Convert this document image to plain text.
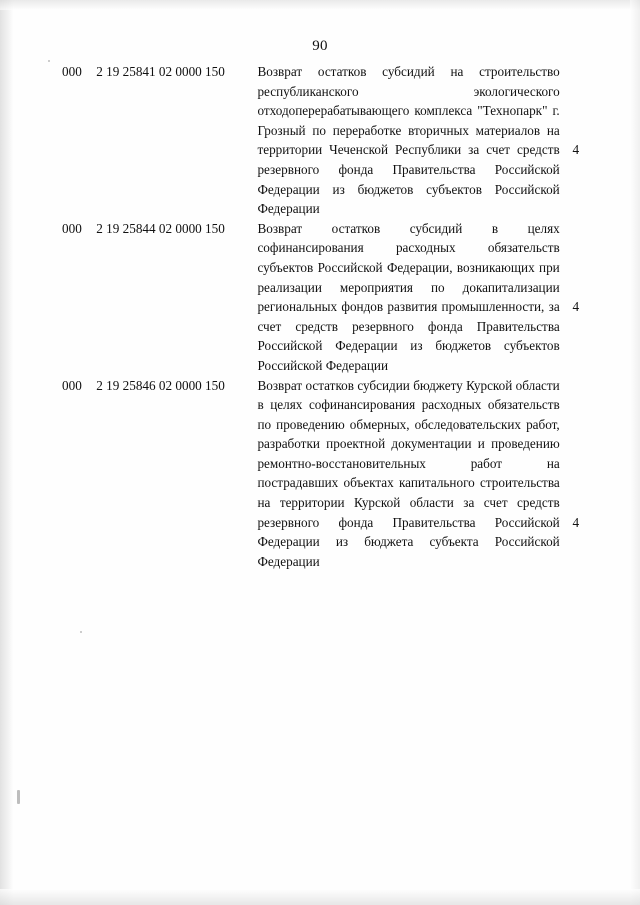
90
000	2 19 25841 02 0000 150	Возврат остатков субсидий на строительство республиканского экологического отходоперерабатывающего комплекса "Технопарк" г. Грозный по переработке вторичных материалов на территории Чеченской Республики за счет средств резервного фонда Правительства Российской Федерации из бюджетов субъектов Российской Федерации	4

000	2 19 25844 02 0000 150	Возврат остатков субсидий в целях софинансирования расходных обязательств субъектов Российской Федерации, возникающих при реализации мероприятия по докапитализации региональных фондов развития промышленности, за счет средств резервного фонда Правительства Российской Федерации из бюджетов субъектов Российской Федерации	4

000	2 19 25846 02 0000 150	Возврат остатков субсидии бюджету Курской области в целях софинансирования расходных обязательств по проведению обмерных, обследовательских работ, разработки проектной документации и проведению ремонтно-восстановительных работ на пострадавших объектах капитального строительства на территории Курской области за счет средств резервного фонда Правительства Российской Федерации из бюджета субъекта Российской Федерации	4
